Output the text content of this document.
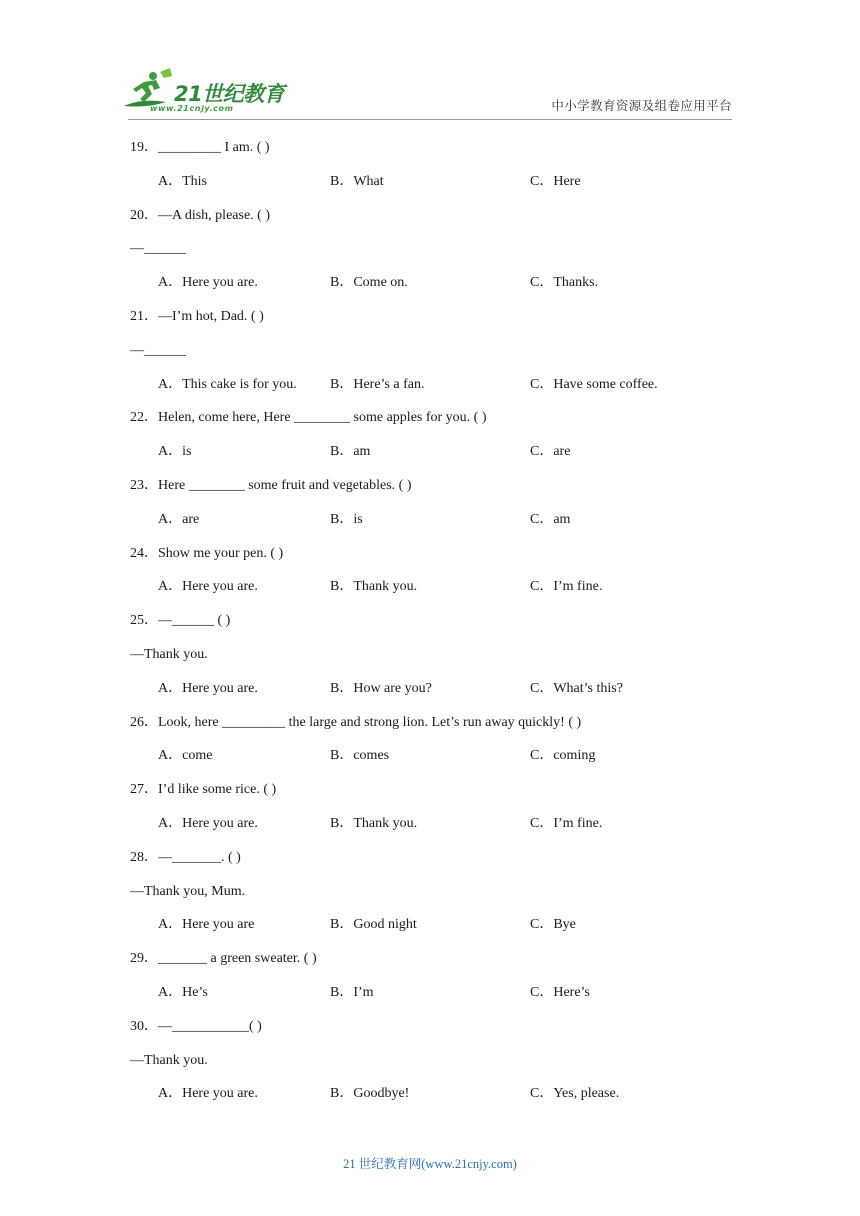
21世纪教育
www.21cnjy.com	中小学教育资源及组卷应用平台
19．_________ I am. ( )
A．This	B．What	C．Here
20．—A dish, please. ( )
—______
A．Here you are.	B．Come on.	C．Thanks.
21．—I’m hot, Dad. ( )
—______
A．This cake is for you. B．Here’s a fan.	C．Have some coffee.
22．Helen, come here, Here ________ some apples for you. ( )
A．is	B．am	C．are
23．Here ________ some fruit and vegetables. ( )
A．are	B．is	C．am
24．Show me your pen. ( )
A．Here you are.	B．Thank you.	C．I’m fine.
25．—______ ( )
—Thank you.
A．Here you are.	B．How are you?	C．What’s this?
26．Look, here _________ the large and strong lion. Let’s run away quickly! ( )
A．come	B．comes	C．coming
27．I’d like some rice. ( )
A．Here you are.	B．Thank you.	C．I’m fine.
28．—_______. ( )
—Thank you, Mum.
A．Here you are	B．Good night	C．Bye
29．_______ a green sweater. ( )
A．He’s	B．I’m	C．Here’s
30．—___________( )
—Thank you.
A．Here you are.	B．Goodbye!	C．Yes, please.
21 世纪教育网(www.21cnjy.com)
